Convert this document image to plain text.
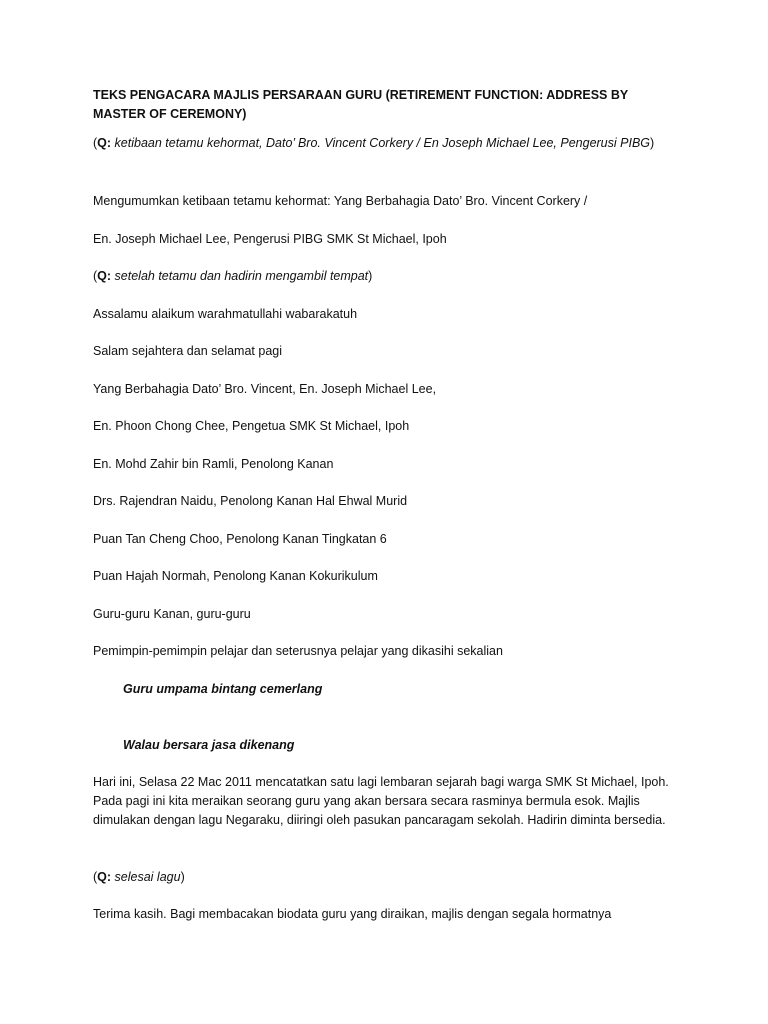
TEKS PENGACARA MAJLIS PERSARAAN GURU (RETIREMENT FUNCTION: ADDRESS BY MASTER OF CEREMONY)

(Q: ketibaan tetamu kehormat, Dato’ Bro. Vincent Corkery / En Joseph Michael Lee, Pengerusi PIBG)

Mengumumkan ketibaan tetamu kehormat: Yang Berbahagia Dato’ Bro. Vincent Corkery /

En. Joseph Michael Lee, Pengerusi PIBG SMK St Michael, Ipoh

(Q: setelah tetamu dan hadirin mengambil tempat)

Assalamu alaikum warahmatullahi wabarakatuh

Salam sejahtera dan selamat pagi

Yang Berbahagia Dato’ Bro. Vincent, En. Joseph Michael Lee,

En. Phoon Chong Chee, Pengetua SMK St Michael, Ipoh

En. Mohd Zahir bin Ramli, Penolong Kanan

Drs. Rajendran Naidu, Penolong Kanan Hal Ehwal Murid

Puan Tan Cheng Choo, Penolong Kanan Tingkatan 6

Puan Hajah Normah, Penolong Kanan Kokurikulum

Guru-guru Kanan, guru-guru

Pemimpin-pemimpin pelajar dan seterusnya pelajar yang dikasihi sekalian

Guru umpama bintang cemerlang

Walau bersara jasa dikenang

Hari ini, Selasa 22 Mac 2011 mencatatkan satu lagi lembaran sejarah bagi warga SMK St Michael, Ipoh. Pada pagi ini kita meraikan seorang guru yang akan bersara secara rasminya bermula esok. Majlis dimulakan dengan lagu Negaraku, diiringi oleh pasukan pancaragam sekolah. Hadirin diminta bersedia.

(Q: selesai lagu)

Terima kasih. Bagi membacakan biodata guru yang diraikan, majlis dengan segala hormatnya
